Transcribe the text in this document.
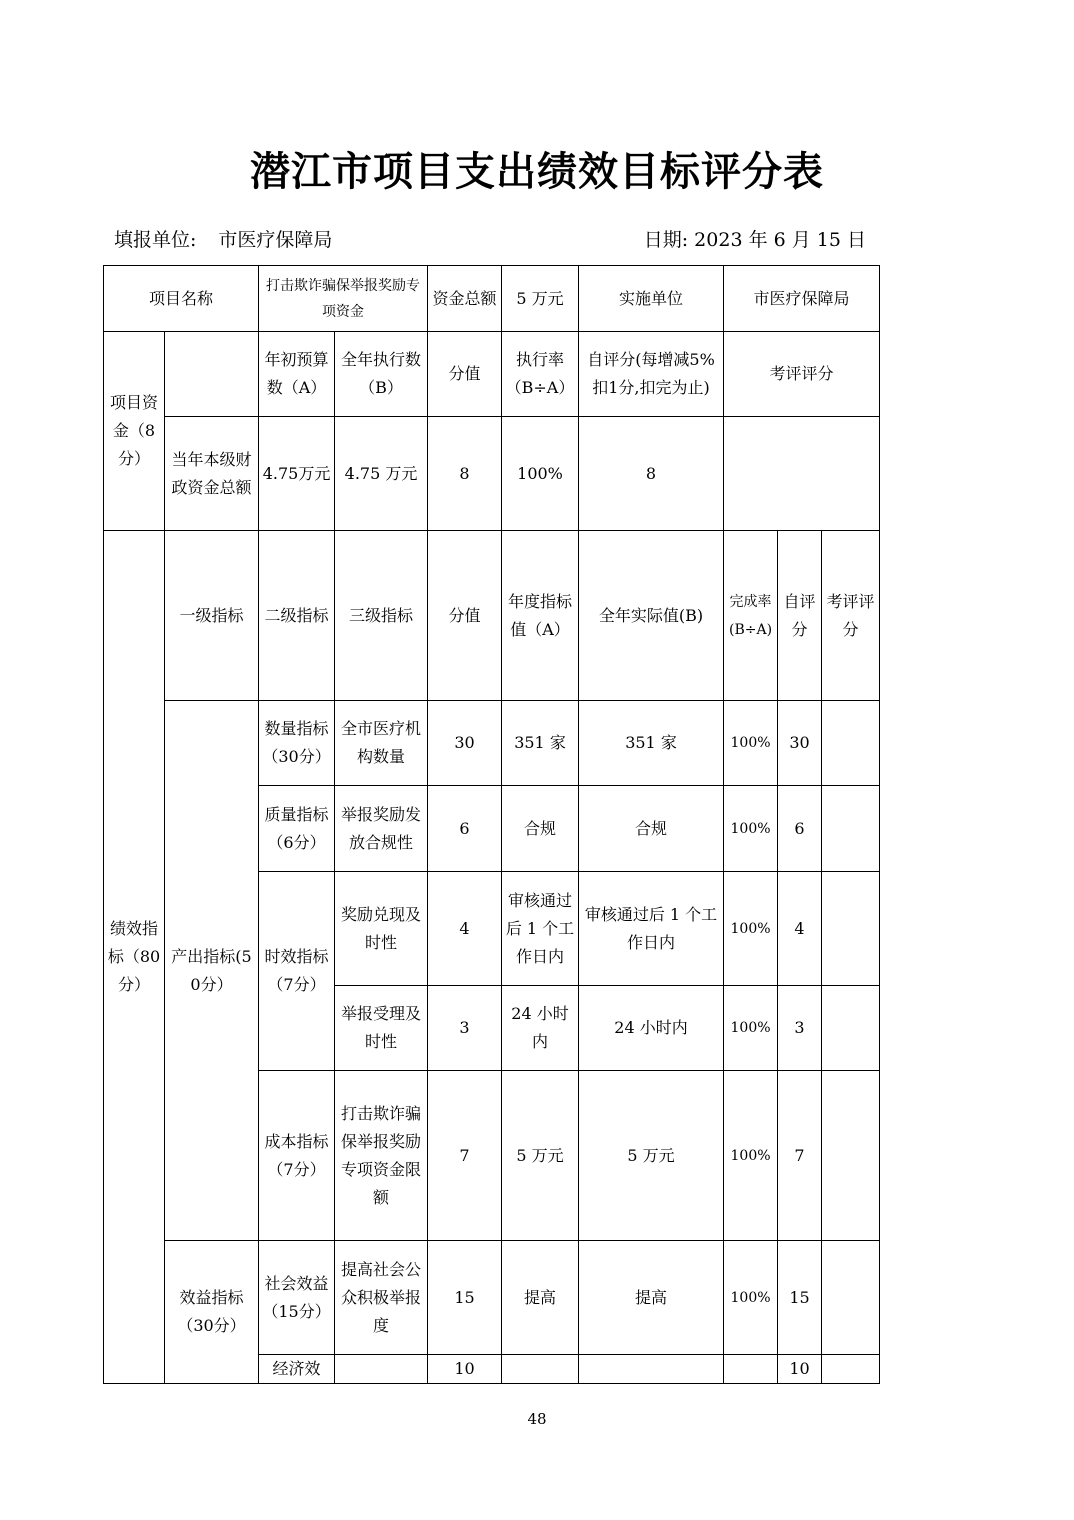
潜江市项目支出绩效目标评分表
填报单位: 市医疗保障局	日期: 2023 年 6 月 15 日
项目名称		打击欺诈骗保举报奖励专项资金		资金总额	5 万元	实施单位	市医疗保障局		
项目资金（8分）		年初预算数（A）	全年执行数（B）	分值	执行率（B÷A）	自评分(每增减5%扣1分,扣完为止)	考评评分		
	当年本级财政资金总额	4.75万元	4.75 万元	8	100%	8			
绩效指标（80分）	一级指标	二级指标	三级指标	分值	年度指标值（A）	全年实际值(B)	完成率(B÷A)	自评分	考评评分
	产出指标(50分）	数量指标（30分）	全市医疗机构数量	30	351 家	351 家	100%	30	
		质量指标（6分）	举报奖励发放合规性	6	合规	合规	100%	6	
		时效指标（7分）	奖励兑现及时性	4	审核通过后 1 个工作日内	审核通过后 1 个工作日内	100%	4	
			举报受理及时性	3	24 小时内	24 小时内	100%	3	
		成本指标（7分）	打击欺诈骗保举报奖励专项资金限额	7	5 万元	5 万元	100%	7	
	效益指标（30分）	社会效益（15分）	提高社会公众积极举报度	15	提高	提高	100%	15	
		经济效		10				10	
48
